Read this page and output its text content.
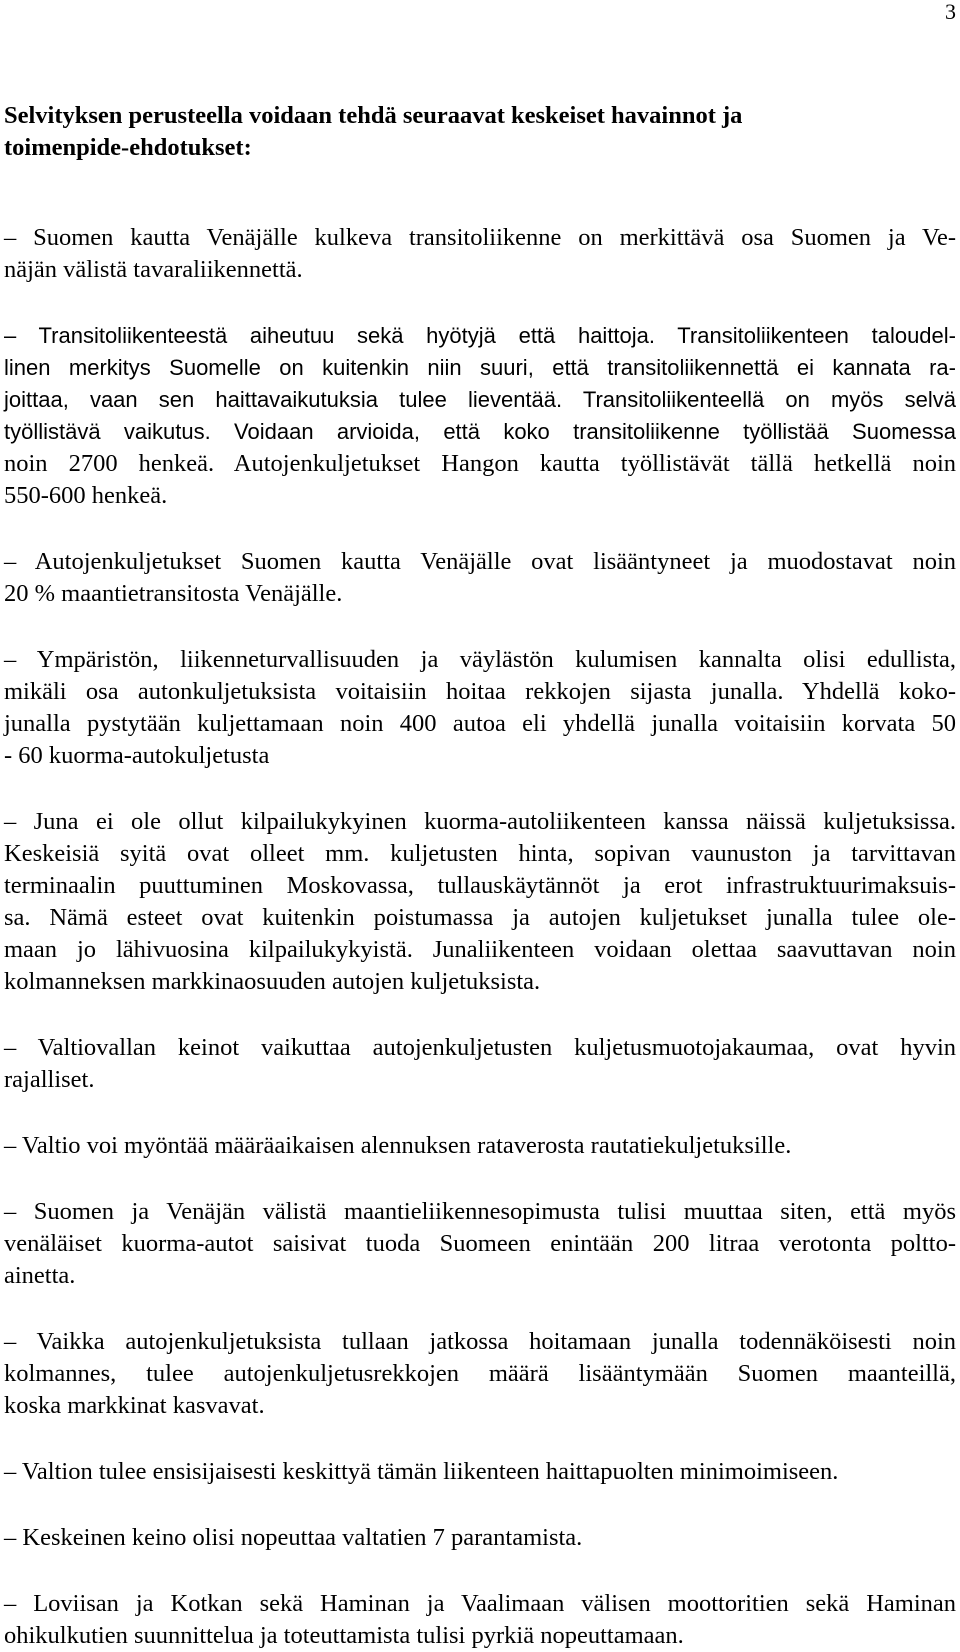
3
Selvityksen perusteella voidaan tehdä seuraavat keskeiset havainnot ja
toimenpide-ehdotukset:
– Suomen kautta Venäjälle kulkeva transitoliikenne on merkittävä osa Suomen ja Ve-
näjän välistä tavaraliikennettä.
– Transitoliikenteestä aiheutuu sekä hyötyjä että haittoja. Transitoliikenteen taloudel-
linen merkitys Suomelle on kuitenkin niin suuri, että transitoliikennettä ei kannata ra-
joittaa, vaan sen haittavaikutuksia tulee lieventää. Transitoliikenteellä on myös selvä
työllistävä vaikutus. Voidaan arvioida, että koko transitoliikenne työllistää Suomessa
noin 2700 henkeä. Autojenkuljetukset Hangon kautta työllistävät tällä hetkellä noin
550-600 henkeä.
– Autojenkuljetukset Suomen kautta Venäjälle ovat lisääntyneet ja muodostavat noin
20 % maantietransitosta Venäjälle.
– Ympäristön, liikenneturvallisuuden ja väylästön kulumisen kannalta olisi edullista,
mikäli osa autonkuljetuksista voitaisiin hoitaa rekkojen sijasta junalla. Yhdellä koko-
junalla pystytään kuljettamaan noin 400 autoa eli yhdellä junalla voitaisiin korvata 50
- 60 kuorma-autokuljetusta
– Juna ei ole ollut kilpailukykyinen kuorma-autoliikenteen kanssa näissä kuljetuksissa.
Keskeisiä syitä ovat olleet mm. kuljetusten hinta, sopivan vaunuston ja tarvittavan
terminaalin puuttuminen Moskovassa, tullauskäytännöt ja erot infrastruktuurimaksuis-
sa. Nämä esteet ovat kuitenkin poistumassa ja autojen kuljetukset junalla tulee ole-
maan jo lähivuosina kilpailukykyistä. Junaliikenteen voidaan olettaa saavuttavan noin
kolmanneksen markkinaosuuden autojen kuljetuksista.
– Valtiovallan keinot vaikuttaa autojenkuljetusten kuljetusmuotojakaumaa, ovat hyvin
rajalliset.
– Valtio voi myöntää määräaikaisen alennuksen rataverosta rautatiekuljetuksille.
– Suomen ja Venäjän välistä maantieliikennesopimusta tulisi muuttaa siten, että myös
venäläiset kuorma-autot saisivat tuoda Suomeen enintään 200 litraa verotonta poltto-
ainetta.
– Vaikka autojenkuljetuksista tullaan jatkossa hoitamaan junalla todennäköisesti noin
kolmannes, tulee autojenkuljetusrekkojen määrä lisääntymään Suomen maanteillä,
koska markkinat kasvavat.
– Valtion tulee ensisijaisesti keskittyä tämän liikenteen haittapuolten minimoimiseen.
– Keskeinen keino olisi nopeuttaa valtatien 7 parantamista.
– Loviisan ja Kotkan sekä Haminan ja Vaalimaan välisen moottoritien sekä Haminan
ohikulkutien suunnittelua ja toteuttamista tulisi pyrkiä nopeuttamaan.
